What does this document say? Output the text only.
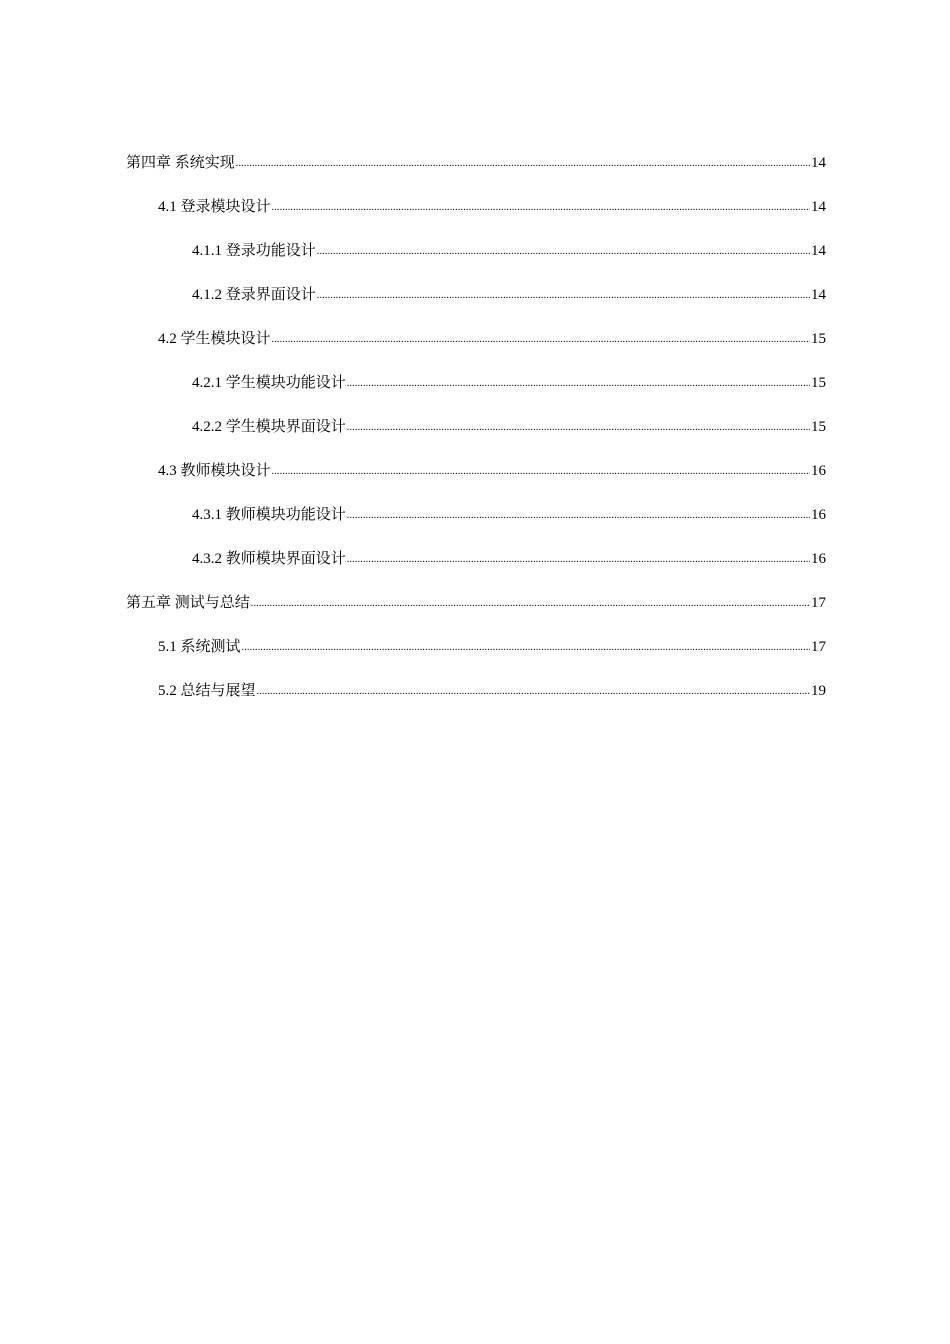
第四章 系统实现 .....	14
4.1 登录模块设计 .....	14
4.1.1 登录功能设计 .....	14
4.1.2 登录界面设计 .....	14
4.2 学生模块设计 .....	15
4.2.1 学生模块功能设计 .....	15
4.2.2 学生模块界面设计 .....	15
4.3 教师模块设计 .....	16
4.3.1 教师模块功能设计 .....	16
4.3.2 教师模块界面设计 .....	16
第五章 测试与总结 .....	17
5.1 系统测试 .....	17
5.2 总结与展望 .....	19
